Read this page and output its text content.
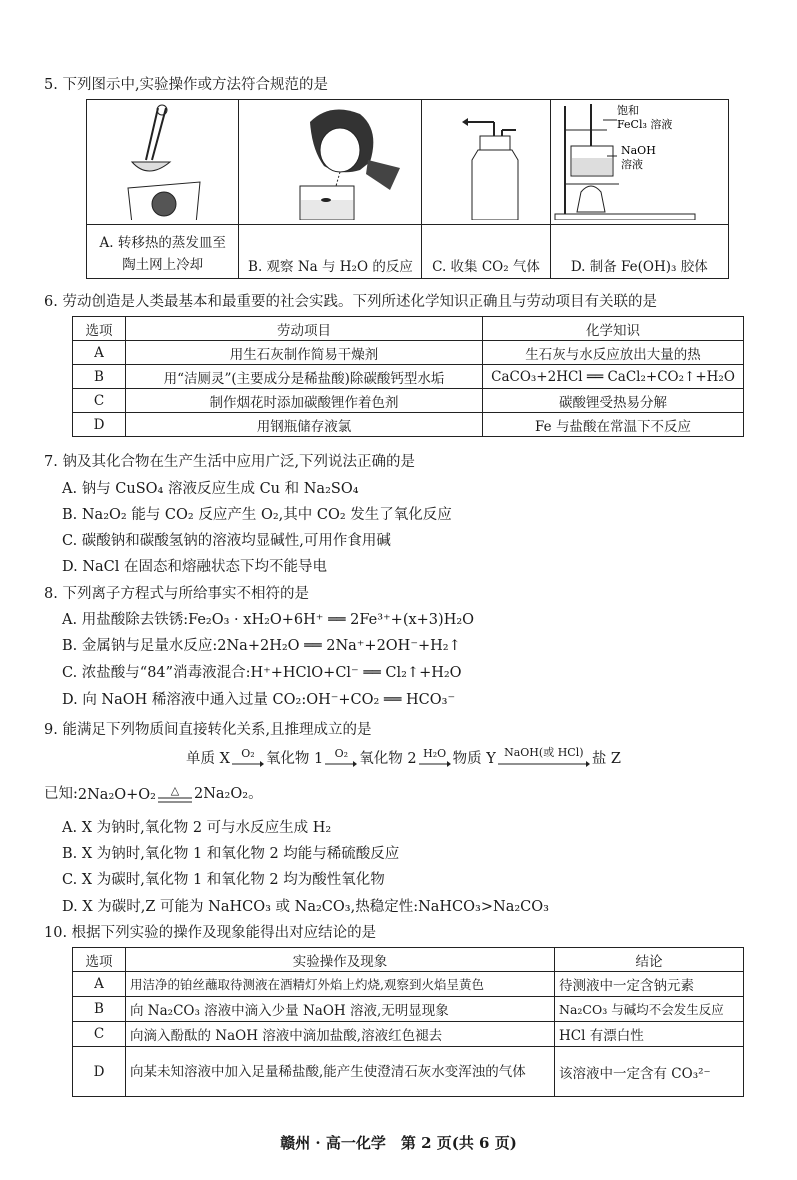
5. 下列图示中,实验操作或方法符合规范的是

饱和
FeCl₃ 溶液
NaOH
溶液

A. 转移热的蒸发皿至陶土网上冷却	B. 观察 Na 与 H₂O 的反应	C. 收集 CO₂ 气体	D. 制备 Fe(OH)₃ 胶体
6. 劳动创造是人类最基本和最重要的社会实践。下列所述化学知识正确且与劳动项目有关联的是
选项	劳动项目	化学知识
A	用生石灰制作简易干燥剂	生石灰与水反应放出大量的热
B	用“洁厕灵”(主要成分是稀盐酸)除碳酸钙型水垢	CaCO₃+2HCl ══ CaCl₂+CO₂↑+H₂O
C	制作烟花时添加碳酸锂作着色剂	碳酸锂受热易分解
D	用钢瓶储存液氯	Fe 与盐酸在常温下不反应
7. 钠及其化合物在生产生活中应用广泛,下列说法正确的是
A. 钠与 CuSO₄ 溶液反应生成 Cu 和 Na₂SO₄
B. Na₂O₂ 能与 CO₂ 反应产生 O₂,其中 CO₂ 发生了氧化反应
C. 碳酸钠和碳酸氢钠的溶液均显碱性,可用作食用碱
D. NaCl 在固态和熔融状态下均不能导电
8. 下列离子方程式与所给事实不相符的是
A. 用盐酸除去铁锈:Fe₂O₃ · xH₂O+6H⁺ ══ 2Fe³⁺+(x+3)H₂O
B. 金属钠与足量水反应:2Na+2H₂O ══ 2Na⁺+2OH⁻+H₂↑
C. 浓盐酸与“84”消毒液混合:H⁺+HClO+Cl⁻ ══ Cl₂↑+H₂O
D. 向 NaOH 稀溶液中通入过量 CO₂:OH⁻+CO₂ ══ HCO₃⁻
9. 能满足下列物质间直接转化关系,且推理成立的是
单质 X O₂ 氧化物 1 O₂ 氧化物 2 H₂O 物质 Y NaOH(或 HCl) 盐 Z
已知: 2Na₂O+O₂ △ 2Na₂O₂。
A. X 为钠时,氧化物 2 可与水反应生成 H₂
B. X 为钠时,氧化物 1 和氧化物 2 均能与稀硫酸反应
C. X 为碳时,氧化物 1 和氧化物 2 均为酸性氧化物
D. X 为碳时,Z 可能为 NaHCO₃ 或 Na₂CO₃,热稳定性:NaHCO₃>Na₂CO₃
10. 根据下列实验的操作及现象能得出对应结论的是
选项	实验操作及现象	结论
A	用洁净的铂丝蘸取待测液在酒精灯外焰上灼烧,观察到火焰呈黄色	待测液中一定含钠元素
B	向 Na₂CO₃ 溶液中滴入少量 NaOH 溶液,无明显现象	Na₂CO₃ 与碱均不会发生反应
C	向滴入酚酞的 NaOH 溶液中滴加盐酸,溶液红色褪去	HCl 有漂白性
D	向某未知溶液中加入足量稀盐酸,能产生使澄清石灰水变浑浊的气体	该溶液中一定含有 CO₃²⁻
赣州 · 高一化学　第 2 页(共 6 页)
